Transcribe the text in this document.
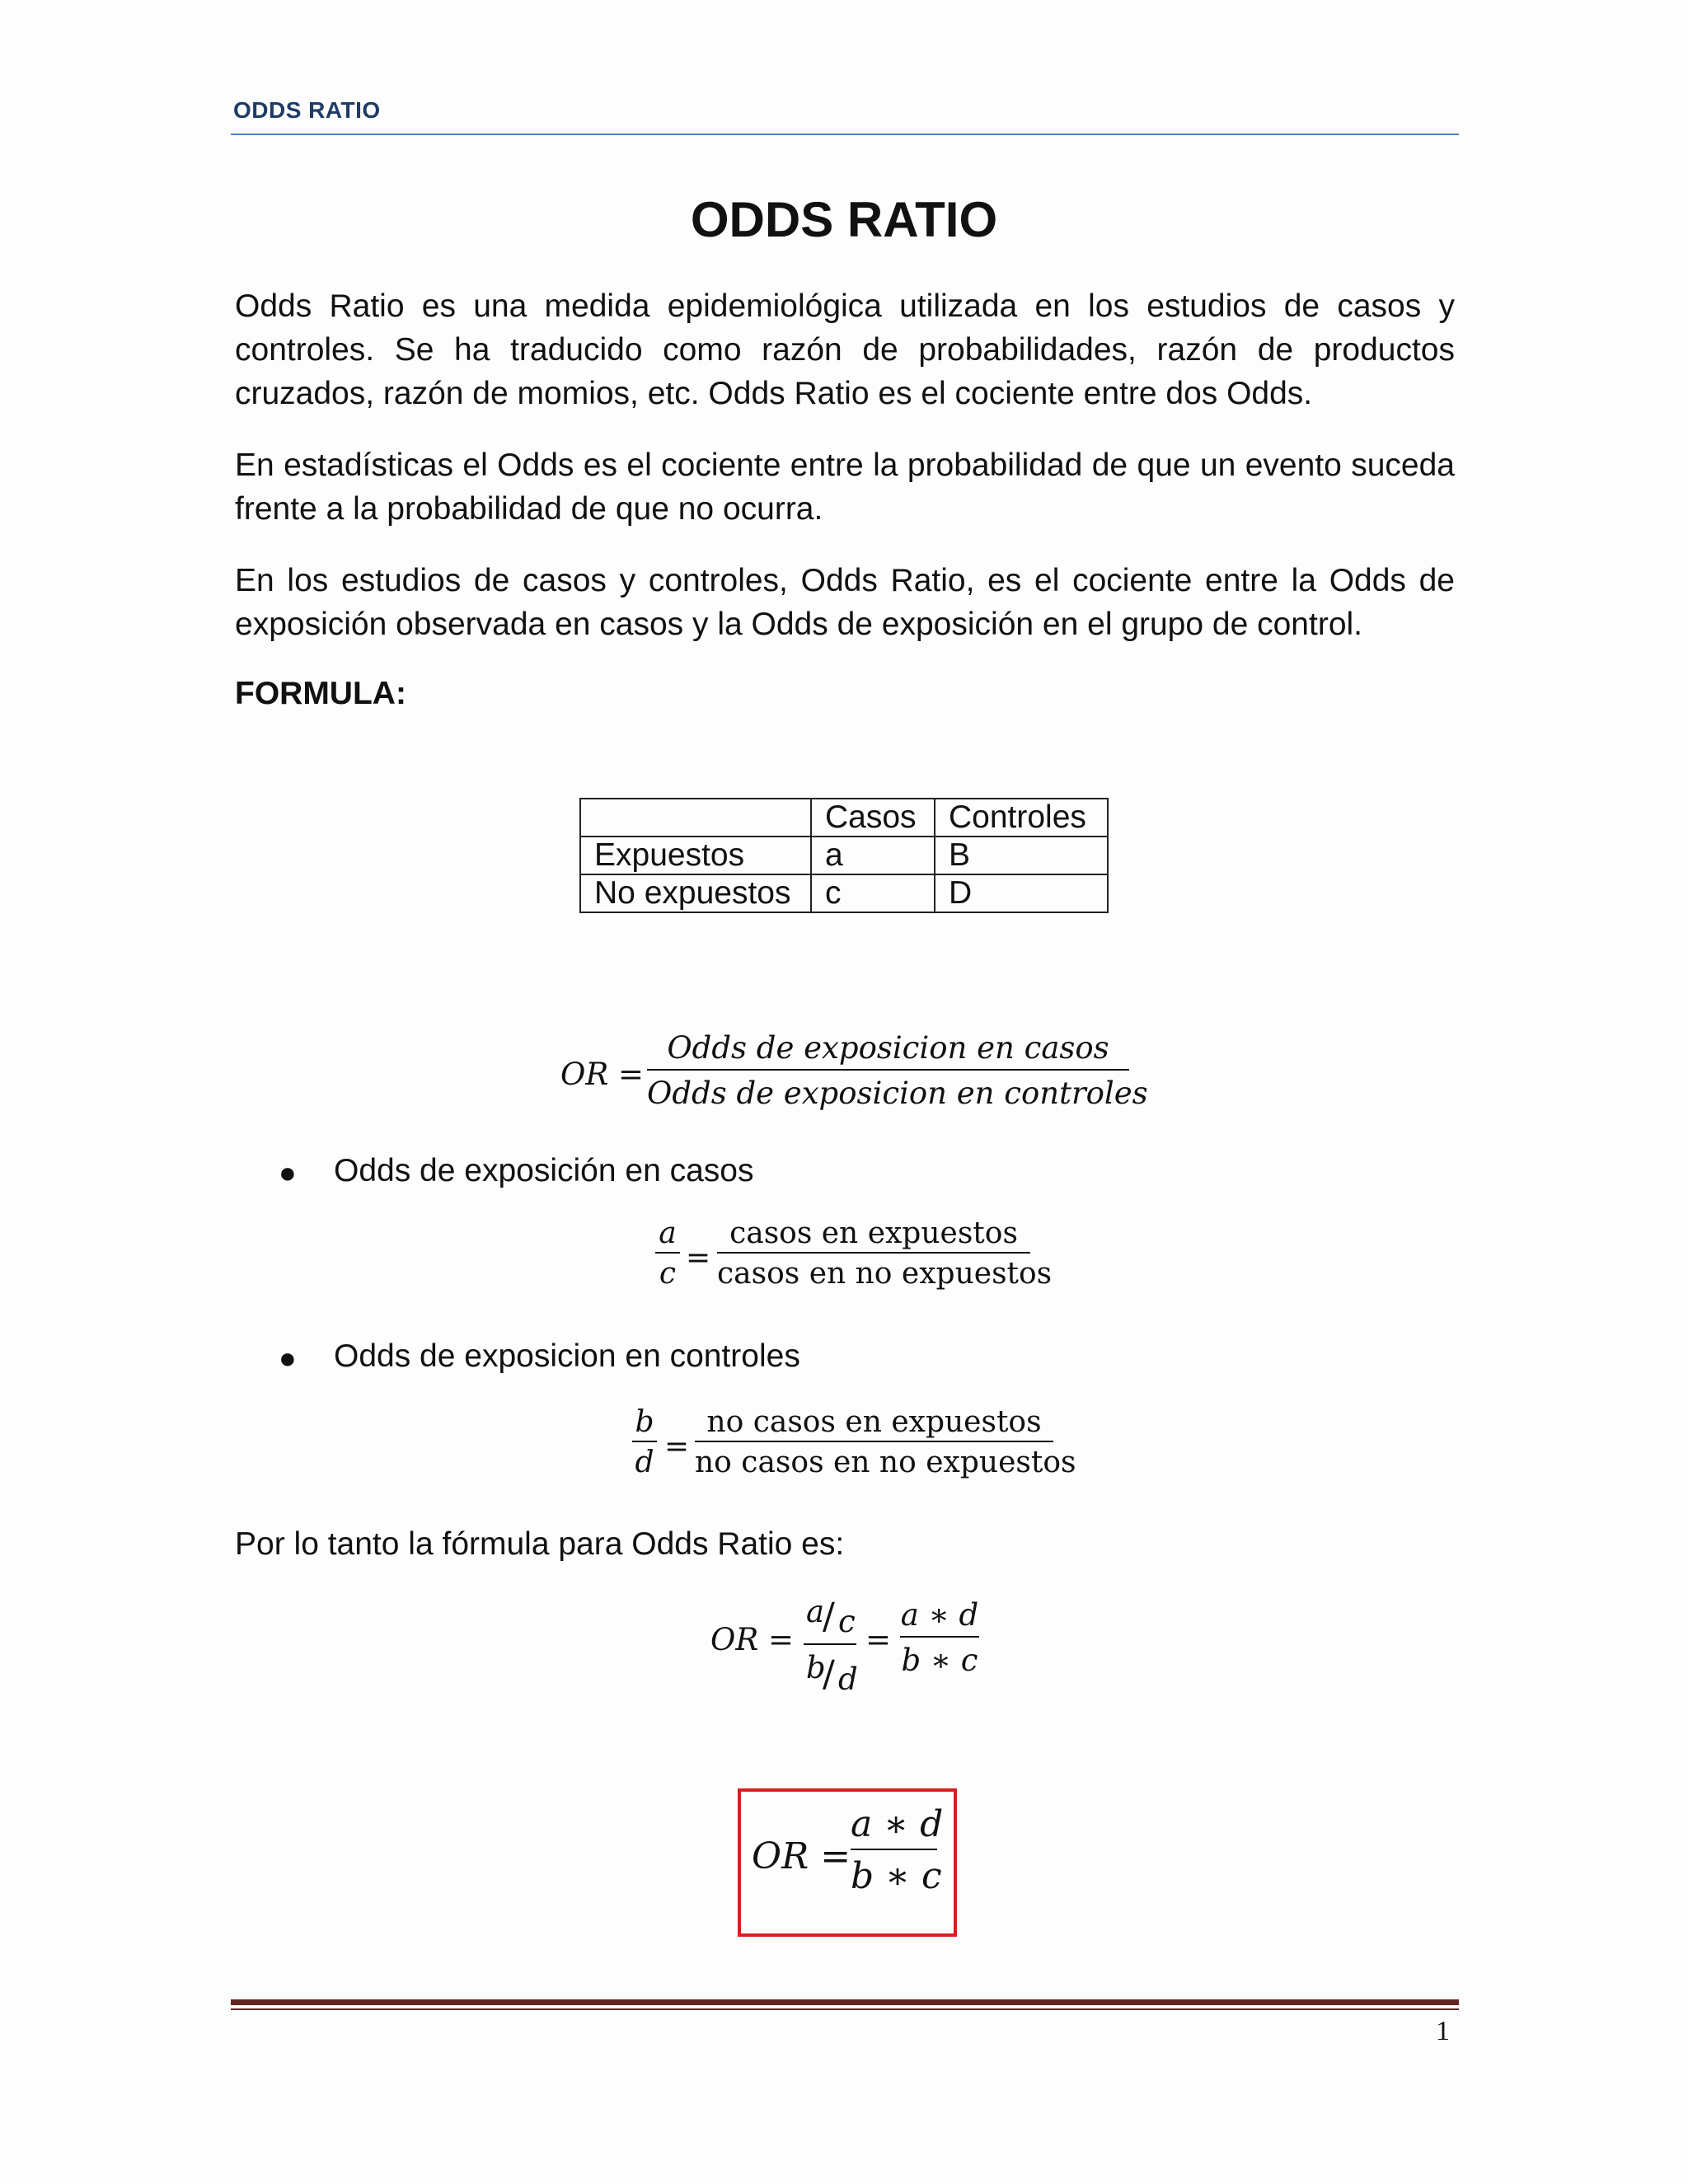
ODDS RATIO
ODDS RATIO
Odds Ratio es una medida epidemiológica utilizada en los estudios de casos y controles. Se ha traducido como razón de probabilidades, razón de productos cruzados, razón de momios, etc. Odds Ratio es el cociente entre dos Odds.
En estadísticas el Odds es el cociente entre la probabilidad de que un evento suceda frente a la probabilidad de que no ocurra.
En los estudios de casos y controles, Odds Ratio, es el cociente entre la Odds de exposición observada en casos y la Odds de exposición en el grupo de control.
FORMULA:
	Casos	Controles
Expuestos	a	B
No expuestos	c	D
OR =
Odds de exposicion en casos
Odds de exposicion en controles
● Odds de exposición en casos
a
c =
casos en expuestos
casos en no expuestos
● Odds de exposicion en controles
b
d =
no casos en expuestos
no casos en no expuestos
Por lo tanto la fórmula para Odds Ratio es:
OR =
a
/ c
b
/ d
=
a ∗ d
b ∗ c
OR =
a ∗ d
b ∗ c
1
